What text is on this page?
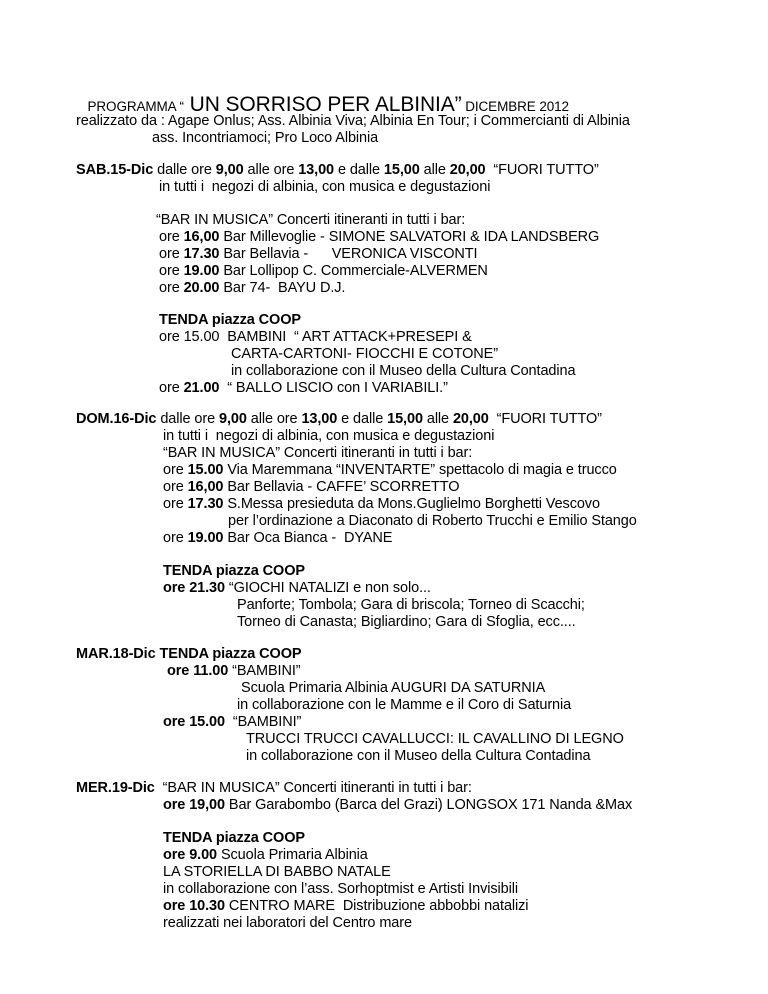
PROGRAMMA “ UN SORRISO PER ALBINIA” DICEMBRE 2012

realizzato da : Agape Onlus; Ass. Albinia Viva; Albinia En Tour; i Commercianti di Albinia
ass. Incontriamoci; Pro Loco Albinia
SAB.15-Dic dalle ore 9,00 alle ore 13,00 e dalle 15,00 alle 20,00  “FUORI TUTTO”
in tutti i  negozi di albinia, con musica e degustazioni
“BAR IN MUSICA” Concerti itineranti in tutti i bar:
ore 16,00 Bar Millevoglie - SIMONE SALVATORI & IDA LANDSBERG
ore 17.30 Bar Bellavia -      VERONICA VISCONTI
ore 19.00 Bar Lollipop C. Commerciale-ALVERMEN
ore 20.00 Bar 74-  BAYU D.J.
TENDA piazza COOP
ore 15.00  BAMBINI  “ ART ATTACK+PRESEPI &
CARTA-CARTONI- FIOCCHI E COTONE”
in collaborazione con il Museo della Cultura Contadina
ore 21.00  “ BALLO LISCIO con I VARIABILI.”
DOM.16-Dic dalle ore 9,00 alle ore 13,00 e dalle 15,00 alle 20,00  “FUORI TUTTO”
in tutti i  negozi di albinia, con musica e degustazioni
“BAR IN MUSICA” Concerti itineranti in tutti i bar:
ore 15.00 Via Maremmana “INVENTARTE” spettacolo di magia e trucco
ore 16,00 Bar Bellavia - CAFFE’ SCORRETTO
ore 17.30 S.Messa presieduta da Mons.Guglielmo Borghetti Vescovo
per l’ordinazione a Diaconato di Roberto Trucchi e Emilio Stango
ore 19.00 Bar Oca Bianca -  DYANE
TENDA piazza COOP
ore 21.30 “GIOCHI NATALIZI e non solo...
Panforte; Tombola; Gara di briscola; Torneo di Scacchi;
Torneo di Canasta; Bigliardino; Gara di Sfoglia, ecc....
MAR.18-Dic TENDA piazza COOP
ore 11.00 “BAMBINI”
Scuola Primaria Albinia AUGURI DA SATURNIA
in collaborazione con le Mamme e il Coro di Saturnia
ore 15.00  “BAMBINI”
TRUCCI TRUCCI CAVALLUCCI: IL CAVALLINO DI LEGNO
in collaborazione con il Museo della Cultura Contadina
MER.19-Dic  “BAR IN MUSICA” Concerti itineranti in tutti i bar:
ore 19,00 Bar Garabombo (Barca del Grazi) LONGSOX 171 Nanda &Max
TENDA piazza COOP
ore 9.00 Scuola Primaria Albinia
LA STORIELLA DI BABBO NATALE
in collaborazione con l’ass. Sorhoptmist e Artisti Invisibili
ore 10.30 CENTRO MARE  Distribuzione abbobbi natalizi
realizzati nei laboratori del Centro mare
